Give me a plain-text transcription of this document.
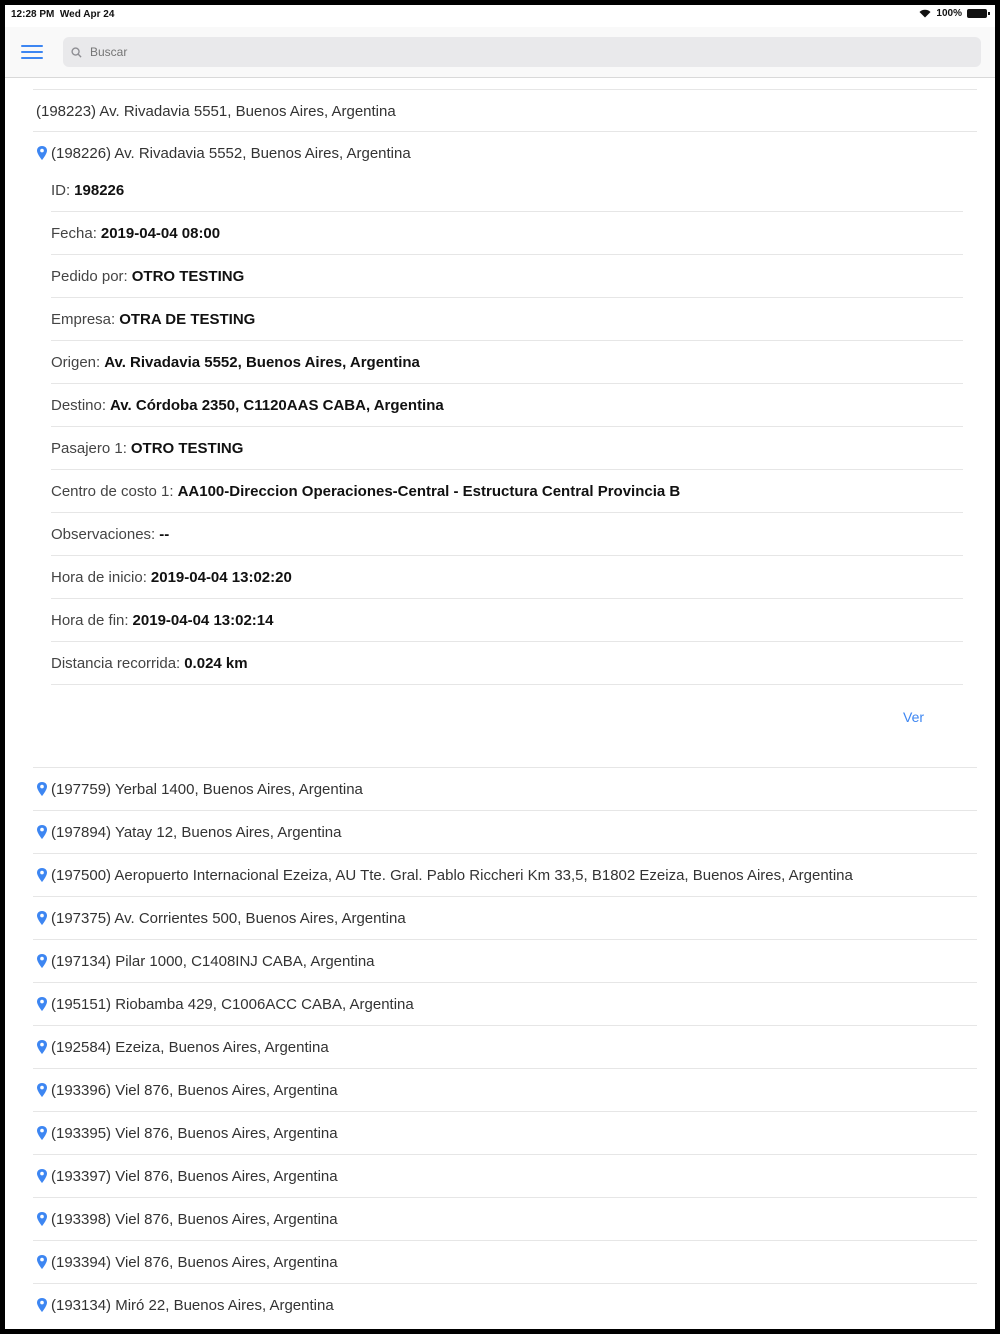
12:28 PM Wed Apr 24	100%
Buscar
(198223) Av. Rivadavia 5551, Buenos Aires, Argentina
(198226) Av. Rivadavia 5552, Buenos Aires, Argentina
ID: 198226
Fecha: 2019-04-04 08:00
Pedido por: OTRO TESTING
Empresa: OTRA DE TESTING
Origen: Av. Rivadavia 5552, Buenos Aires, Argentina
Destino: Av. Córdoba 2350, C1120AAS CABA, Argentina
Pasajero 1: OTRO TESTING
Centro de costo 1: AA100-Direccion Operaciones-Central - Estructura Central Provincia B
Observaciones: --
Hora de inicio: 2019-04-04 13:02:20
Hora de fin: 2019-04-04 13:02:14
Distancia recorrida: 0.024 km
Ver
(197759) Yerbal 1400, Buenos Aires, Argentina
(197894) Yatay 12, Buenos Aires, Argentina
(197500) Aeropuerto Internacional Ezeiza, AU Tte. Gral. Pablo Riccheri Km 33,5, B1802 Ezeiza, Buenos Aires, Argentina
(197375) Av. Corrientes 500, Buenos Aires, Argentina
(197134) Pilar 1000, C1408INJ CABA, Argentina
(195151) Riobamba 429, C1006ACC CABA, Argentina
(192584) Ezeiza, Buenos Aires, Argentina
(193396) Viel 876, Buenos Aires, Argentina
(193395) Viel 876, Buenos Aires, Argentina
(193397) Viel 876, Buenos Aires, Argentina
(193398) Viel 876, Buenos Aires, Argentina
(193394) Viel 876, Buenos Aires, Argentina
(193134) Miró 22, Buenos Aires, Argentina
